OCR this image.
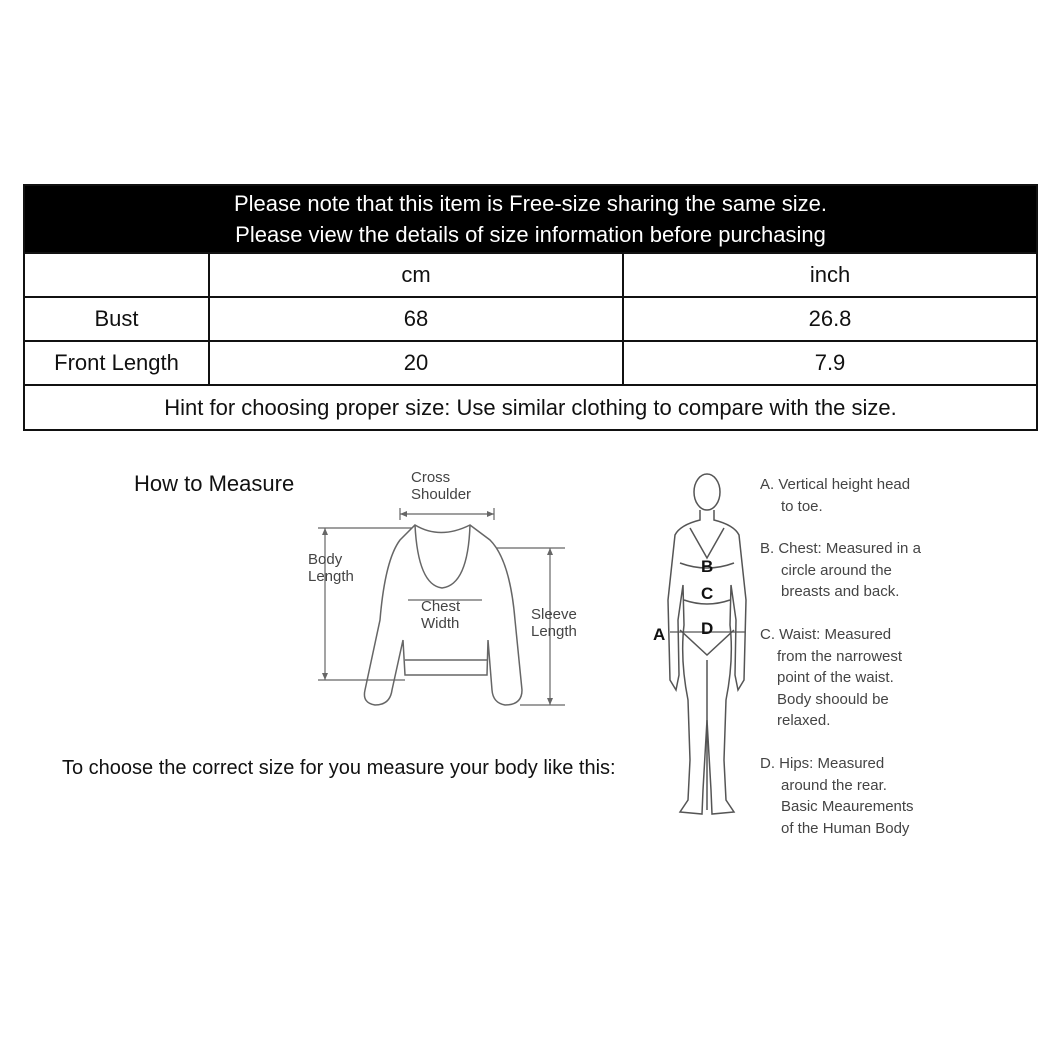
Please note that this item is Free-size sharing the same size.
Please view the details of size information before purchasing		

	cm	inch
Bust	68	26.8
Front Length	20	7.9
Hint for choosing proper size: Use similar clothing to compare with the size.		
How to Measure	Cross
Shoulder
Body
Length
Chest
Width
Sleeve
Length
To choose the correct size for you measure your body like this:
A
B
C
D
A. Vertical height head
to toe.
B. Chest: Measured in a
circle around the
breasts and back.
C. Waist: Measured
from the narrowest
point of the waist.
Body shoould be
relaxed.
D. Hips: Measured
around the rear.
Basic Meaurements
of the Human Body
